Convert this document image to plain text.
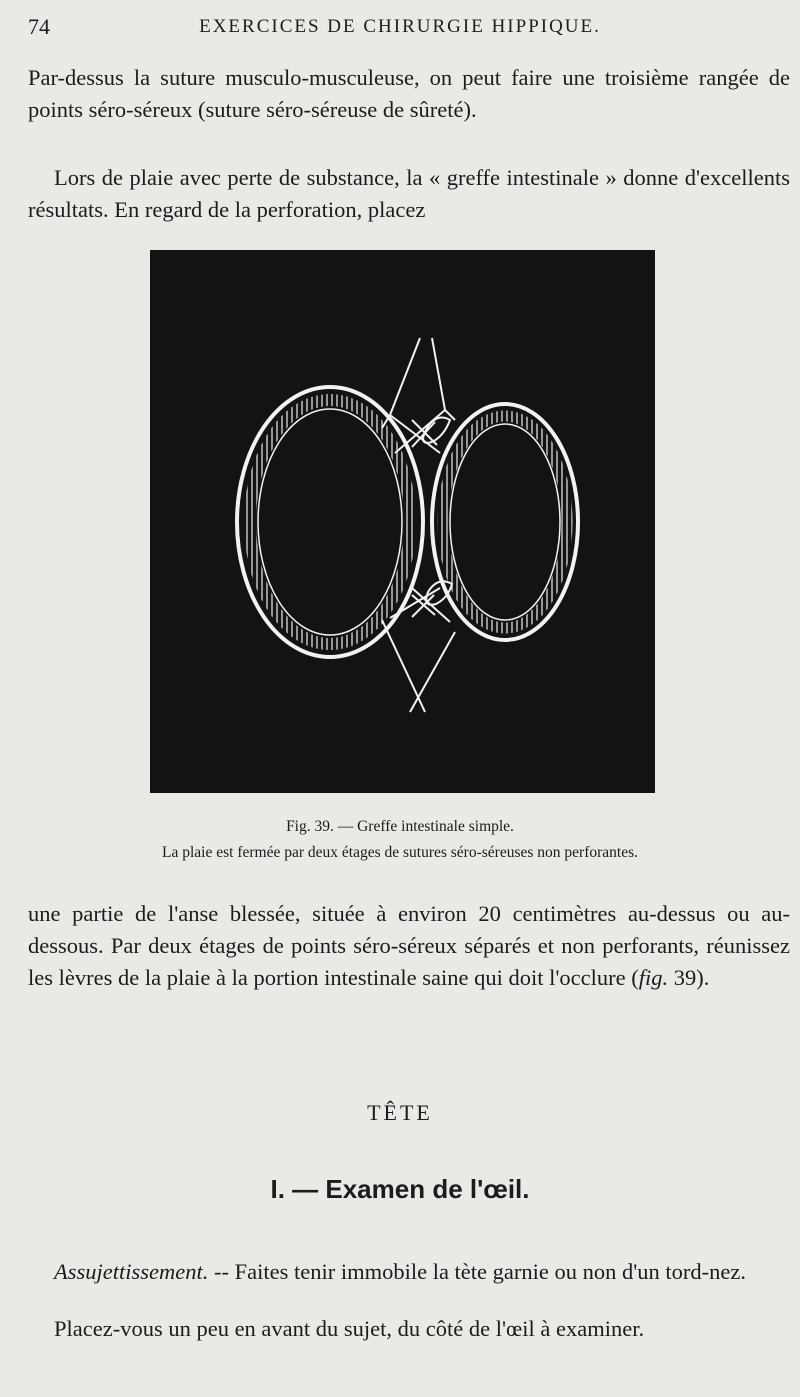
74	EXERCICES DE CHIRURGIE HIPPIQUE.

Par-dessus la suture musculo-musculeuse, on peut faire une troisième rangée de points séro-séreux (suture séro-séreuse de sûreté).

Lors de plaie avec perte de substance, la « greffe intestinale » donne d'excellents résultats. En regard de la perforation, placez

Fig. 39. — Greffe intestinale simple.
La plaie est fermée par deux étages de sutures séro-séreuses non perforantes.

une partie de l'anse blessée, située à environ 20 centimètres au-dessus ou au-dessous. Par deux étages de points séro-séreux séparés et non perforants, réunissez les lèvres de la plaie à la portion intestinale saine qui doit l'occlure (fig. 39).

TÊTE
I. — Examen de l'œil.

Assujettissement. -- Faites tenir immobile la tète garnie ou non d'un tord-nez.

Placez-vous un peu en avant du sujet, du côté de l'œil à examiner.
